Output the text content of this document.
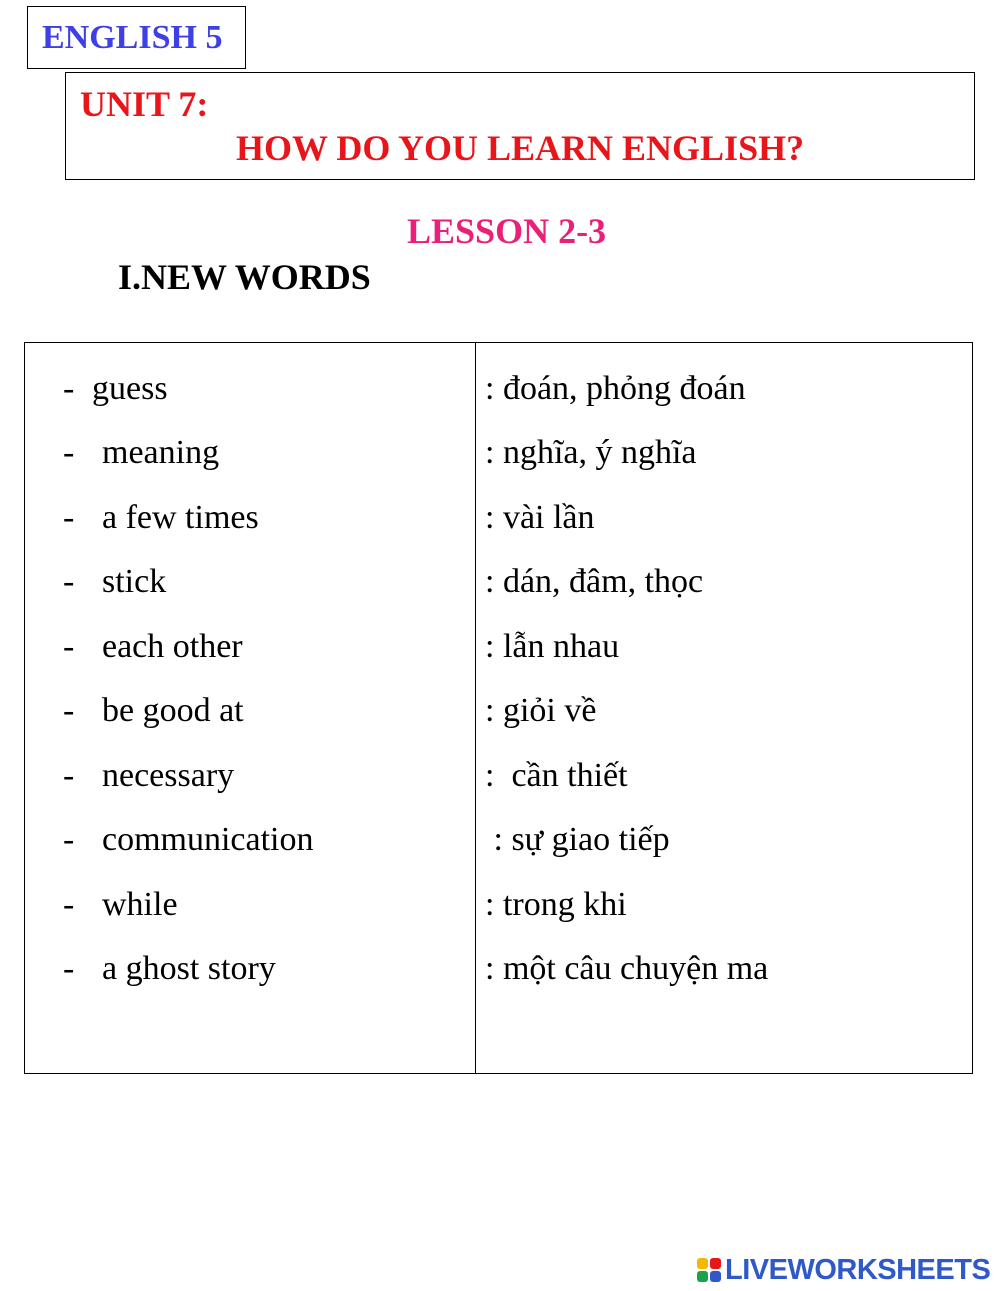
ENGLISH 5
UNIT 7:
HOW DO YOU LEARN ENGLISH?
LESSON 2-3
I.NEW WORDS
- guess	: đoán, phỏng đoán
- meaning	: nghĩa, ý nghĩa
- a few times	: vài lần
- stick	: dán, đâm, thọc
- each other	: lẫn nhau
- be good at	: giỏi về
- necessary	:  cần thiết
- communication	: sự giao tiếp
- while	: trong khi
- a ghost story	: một câu chuyện ma
LIVEWORKSHEETS
